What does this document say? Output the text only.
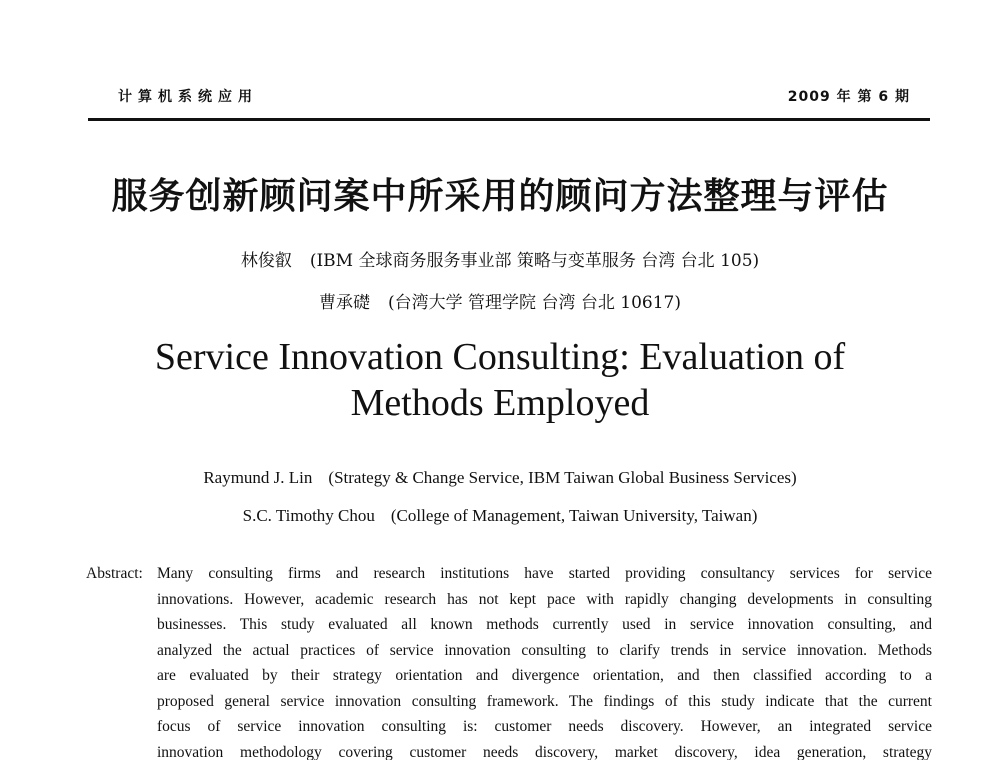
计算机系统应用	2009 年 第 6 期
服务创新顾问案中所采用的顾问方法整理与评估
林俊叡 (IBM 全球商务服务事业部 策略与变革服务 台湾 台北 105)
曹承礎 (台湾大学 管理学院 台湾 台北 10617)
Service Innovation Consulting: Evaluation of
Methods Employed
Raymund J. Lin (Strategy & Change Service, IBM Taiwan Global Business Services)
S.C. Timothy Chou (College of Management, Taiwan University, Taiwan)
Abstract: Many consulting firms and research institutions have started providing consultancy services for service
innovations. However, academic research has not kept pace with rapidly changing developments in consulting
businesses. This study evaluated all known methods currently used in service innovation consulting, and
analyzed the actual practices of service innovation consulting to clarify trends in service innovation. Methods
are evaluated by their strategy orientation and divergence orientation, and then classified according to a
proposed general service innovation consulting framework. The findings of this study indicate that the current
focus of service innovation consulting is: customer needs discovery. However, an integrated service
innovation methodology covering customer needs discovery, market discovery, idea generation, strategy
